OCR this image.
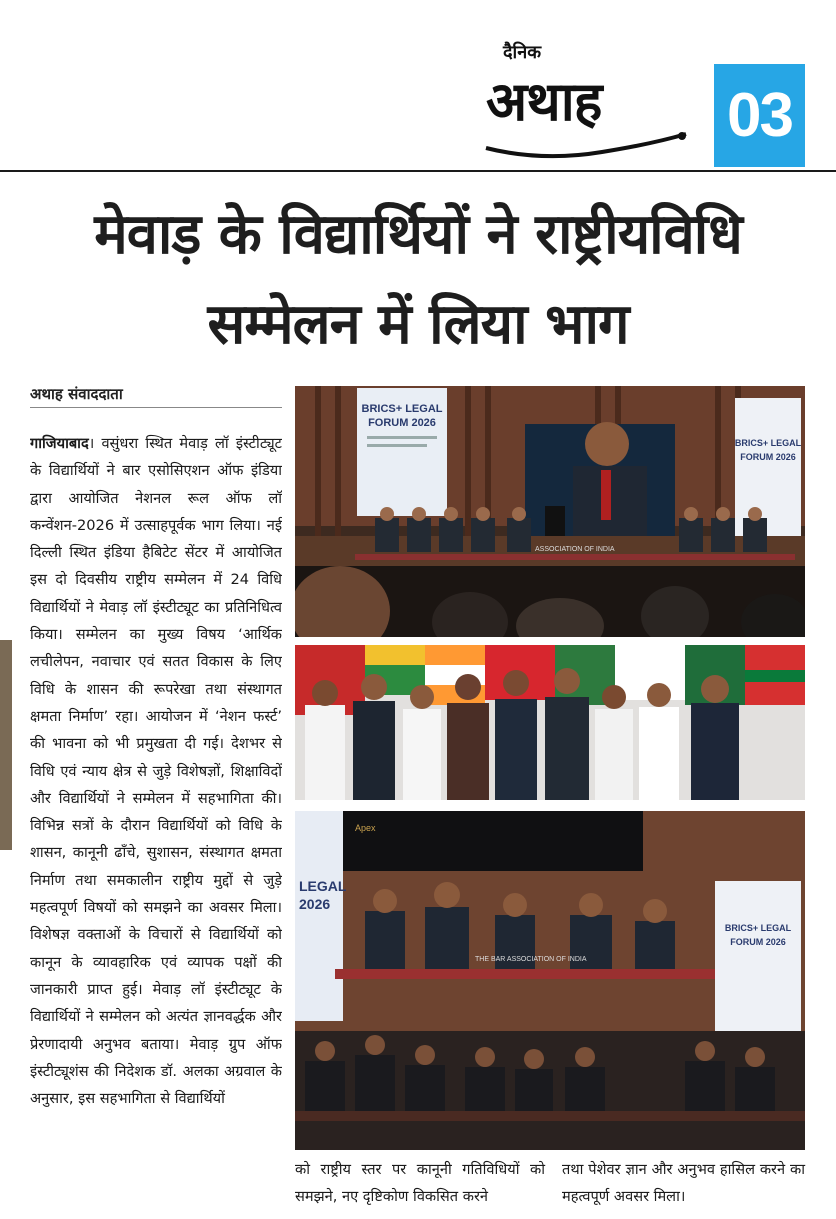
दैनिक
अथाह 03
मेवाड़ के विद्यार्थियों ने राष्ट्रीयविधि
सम्मेलन में लिया भाग
अथाह संवाददाता
गाजियाबाद। वसुंधरा स्थित मेवाड़ लॉ इंस्टीट्यूट के विद्यार्थियों ने बार एसोसिएशन ऑफ इंडिया द्वारा आयोजित नेशनल रूल ऑफ लॉ कन्वेंशन-2026 में उत्साहपूर्वक भाग लिया। नई दिल्ली स्थित इंडिया हैबिटेट सेंटर में आयोजित इस दो दिवसीय राष्ट्रीय सम्मेलन में 24 विधि विद्यार्थियों ने मेवाड़ लॉ इंस्टीट्यूट का प्रतिनिधित्व किया। सम्मेलन का मुख्य विषय ‘आर्थिक लचीलेपन, नवाचार एवं सतत विकास के लिए विधि के शासन की रूपरेखा तथा संस्थागत क्षमता निर्माण’ रहा। आयोजन में ‘नेशन फर्स्ट’ की भावना को भी प्रमुखता दी गई। देशभर से विधि एवं न्याय क्षेत्र से जुड़े विशेषज्ञों, शिक्षाविदों और विद्यार्थियों ने सम्मेलन में सहभागिता की। विभिन्न सत्रों के दौरान विद्यार्थियों को विधि के शासन, कानूनी ढाँचे, सुशासन, संस्थागत क्षमता निर्माण तथा समकालीन राष्ट्रीय मुद्दों से जुड़े महत्वपूर्ण विषयों को समझने का अवसर मिला। विशेषज्ञ वक्ताओं के विचारों से विद्यार्थियों को कानून के व्यावहारिक एवं व्यापक पक्षों की जानकारी प्राप्त हुई। मेवाड़ लॉ इंस्टीट्यूट के विद्यार्थियों ने सम्मेलन को अत्यंत ज्ञानवर्द्धक और प्रेरणादायी अनुभव बताया। मेवाड़ ग्रुप ऑफ इंस्टीट्यूशंस की निदेशक डॉ. अलका अग्रवाल के अनुसार, इस सहभागिता से विद्यार्थियों
BRICS+ LEGAL
FORUM 2026
BRICS+ LEGAL
FORUM 2026
ASSOCIATION OF INDIA
LEGAL
2026
Apex
BRICS+ LEGAL
FORUM 2026
THE BAR ASSOCIATION OF INDIA
को राष्ट्रीय स्तर पर कानूनी गतिविधियों को समझने, नए दृष्टिकोण विकसित करने
तथा पेशेवर ज्ञान और अनुभव हासिल करने का महत्वपूर्ण अवसर मिला।
